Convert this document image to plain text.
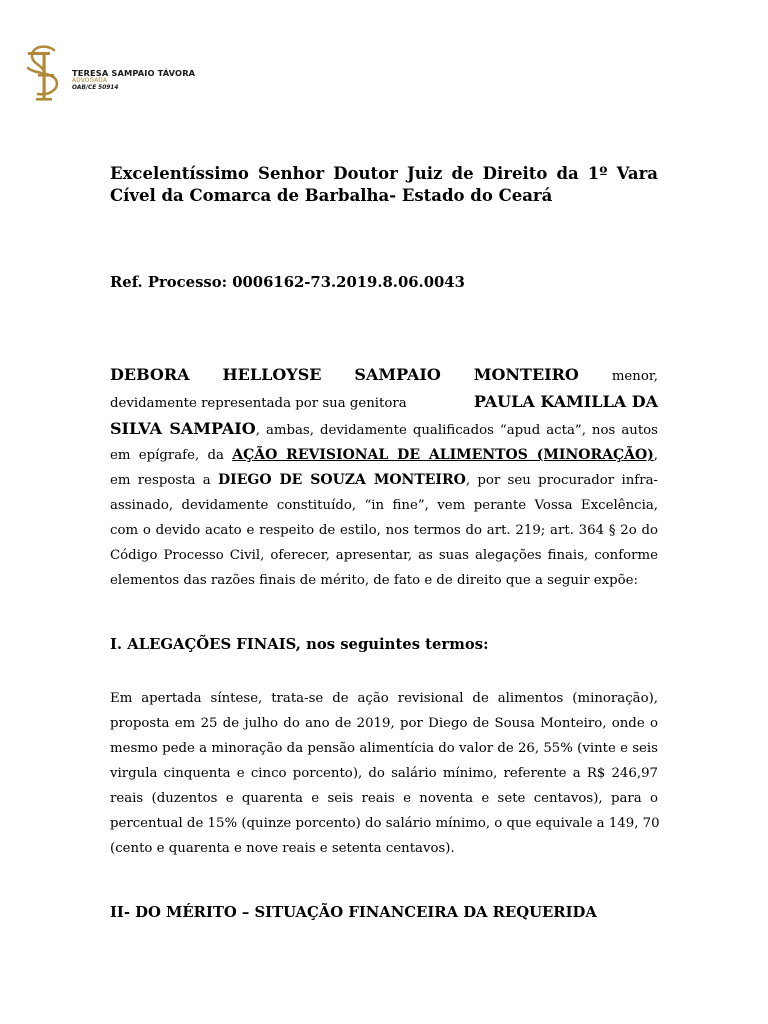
TERESA SAMPAIO TÁVORA
ADVOGADA
OAB/CE 50914
Excelentíssimo Senhor Doutor Juiz de Direito da 1º Vara
Cível da Comarca de Barbalha- Estado do Ceará
Ref. Processo: 0006162-73.2019.8.06.0043
DEBORA HELLOYSE SAMPAIO MONTEIRO menor,
devidamente representada por sua genitora	PAULA KAMILLA DA
SILVA SAMPAIO, ambas, devidamente qualificados “apud acta”, nos autos
em epígrafe, da AÇÃO REVISIONAL DE ALIMENTOS (MINORAÇÃO),
em resposta a DIEGO DE SOUZA MONTEIRO, por seu procurador infra-
assinado, devidamente constituído, “in fine”, vem perante Vossa Excelência,
com o devido acato e respeito de estilo, nos termos do art. 219; art. 364 § 2o do
Código Processo Civil, oferecer, apresentar, as suas alegações finais, conforme
elementos das razões finais de mérito, de fato e de direito que a seguir expõe:
I. ALEGAÇÕES FINAIS, nos seguintes termos:
Em apertada síntese, trata-se de ação revisional de alimentos (minoração),
proposta em 25 de julho do ano de 2019, por Diego de Sousa Monteiro, onde o
mesmo pede a minoração da pensão alimentícia do valor de 26, 55% (vinte e seis
virgula cinquenta e cinco porcento), do salário mínimo, referente a R$ 246,97
reais (duzentos e quarenta e seis reais e noventa e sete centavos), para o
percentual de 15% (quinze porcento) do salário mínimo, o que equivale a 149, 70
(cento e quarenta e nove reais e setenta centavos).
II- DO MÉRITO – SITUAÇÃO FINANCEIRA DA REQUERIDA
